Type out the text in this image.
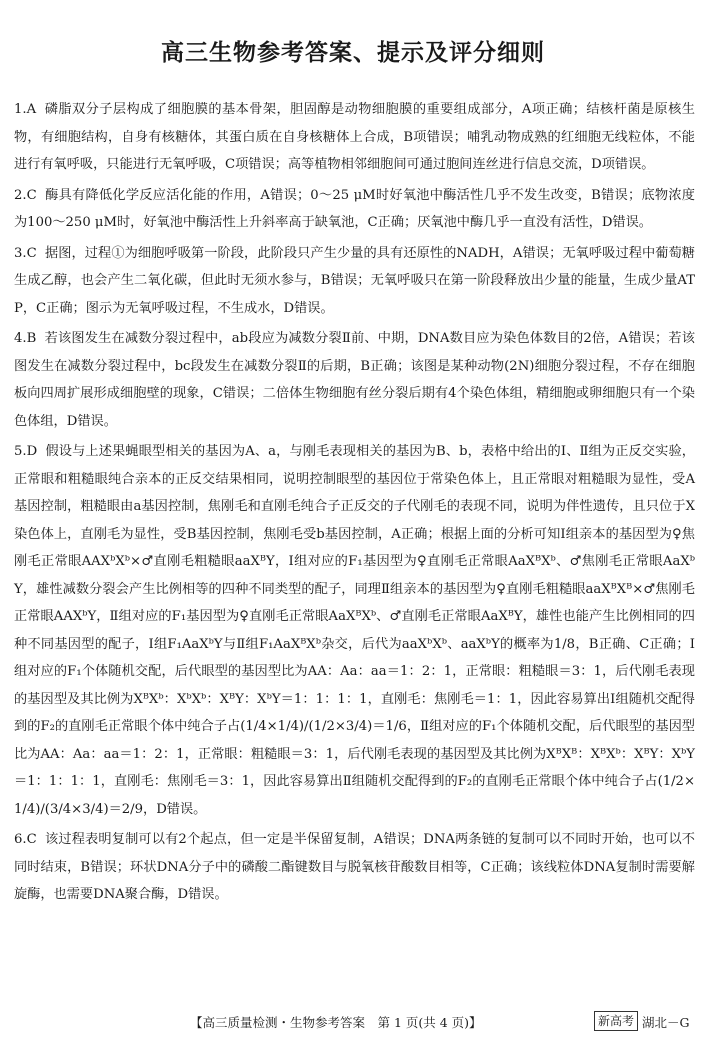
高三生物参考答案、提示及评分细则
1.A 磷脂双分子层构成了细胞膜的基本骨架，胆固醇是动物细胞膜的重要组成部分，A项正确；结核杆菌是原核生物，有细胞结构，自身有核糖体，其蛋白质在自身核糖体上合成，B项错误；哺乳动物成熟的红细胞无线粒体，不能进行有氧呼吸，只能进行无氧呼吸，C项错误；高等植物相邻细胞间可通过胞间连丝进行信息交流，D项错误。
2.C 酶具有降低化学反应活化能的作用，A错误；0～25 μM时好氧池中酶活性几乎不发生改变，B错误；底物浓度为100～250 μM时，好氧池中酶活性上升斜率高于缺氧池，C正确；厌氧池中酶几乎一直没有活性，D错误。
3.C 据图，过程①为细胞呼吸第一阶段，此阶段只产生少量的具有还原性的NADH，A错误；无氧呼吸过程中葡萄糖生成乙醇，也会产生二氧化碳，但此时无须水参与，B错误；无氧呼吸只在第一阶段释放出少量的能量，生成少量ATP，C正确；图示为无氧呼吸过程，不生成水，D错误。
4.B 若该图发生在减数分裂过程中，ab段应为减数分裂Ⅱ前、中期，DNA数目应为染色体数目的2倍，A错误；若该图发生在减数分裂过程中，bc段发生在减数分裂Ⅱ的后期，B正确；该图是某种动物(2N)细胞分裂过程，不存在细胞板向四周扩展形成细胞壁的现象，C错误；二倍体生物细胞有丝分裂后期有4个染色体组，精细胞或卵细胞只有一个染色体组，D错误。
5.D 假设与上述果蝇眼型相关的基因为A、a，与刚毛表现相关的基因为B、b，表格中给出的Ⅰ、Ⅱ组为正反交实验，正常眼和粗糙眼纯合亲本的正反交结果相同，说明控制眼型的基因位于常染色体上，且正常眼对粗糙眼为显性，受A基因控制，粗糙眼由a基因控制，焦刚毛和直刚毛纯合子正反交的子代刚毛的表现不同，说明为伴性遗传，且只位于X染色体上，直刚毛为显性，受B基因控制，焦刚毛受b基因控制，A正确；根据上面的分析可知Ⅰ组亲本的基因型为♀焦刚毛正常眼AAXᵇXᵇ×♂直刚毛粗糙眼aaXᴮY，Ⅰ组对应的F₁基因型为♀直刚毛正常眼AaXᴮXᵇ、♂焦刚毛正常眼AaXᵇY，雄性减数分裂会产生比例相等的四种不同类型的配子，同理Ⅱ组亲本的基因型为♀直刚毛粗糙眼aaXᴮXᴮ×♂焦刚毛正常眼AAXᵇY，Ⅱ组对应的F₁基因型为♀直刚毛正常眼AaXᴮXᵇ、♂直刚毛正常眼AaXᴮY，雄性也能产生比例相同的四种不同基因型的配子，Ⅰ组F₁AaXᵇY与Ⅱ组F₁AaXᴮXᵇ杂交，后代为aaXᵇXᵇ、aaXᵇY的概率为1/8，B正确、C正确；Ⅰ组对应的F₁个体随机交配，后代眼型的基因型比为AA：Aa：aa＝1：2：1，正常眼：粗糙眼＝3：1，后代刚毛表现的基因型及其比例为XᴮXᵇ：XᵇXᵇ：XᴮY：XᵇY＝1：1：1：1，直刚毛：焦刚毛＝1：1，因此容易算出Ⅰ组随机交配得到的F₂的直刚毛正常眼个体中纯合子占(1/4×1/4)/(1/2×3/4)＝1/6，Ⅱ组对应的F₁个体随机交配，后代眼型的基因型比为AA：Aa：aa＝1：2：1，正常眼：粗糙眼＝3：1，后代刚毛表现的基因型及其比例为XᴮXᴮ：XᴮXᵇ：XᴮY：XᵇY＝1：1：1：1，直刚毛：焦刚毛＝3：1，因此容易算出Ⅱ组随机交配得到的F₂的直刚毛正常眼个体中纯合子占(1/2×1/4)/(3/4×3/4)＝2/9，D错误。
6.C 该过程表明复制可以有2个起点，但一定是半保留复制，A错误；DNA两条链的复制可以不同时开始，也可以不同时结束，B错误；环状DNA分子中的磷酸二酯键数目与脱氧核苷酸数目相等，C正确；该线粒体DNA复制时需要解旋酶，也需要DNA聚合酶，D错误。
【高三质量检测・生物参考答案　第 1 页(共 4 页)】	新高考 湖北－G
